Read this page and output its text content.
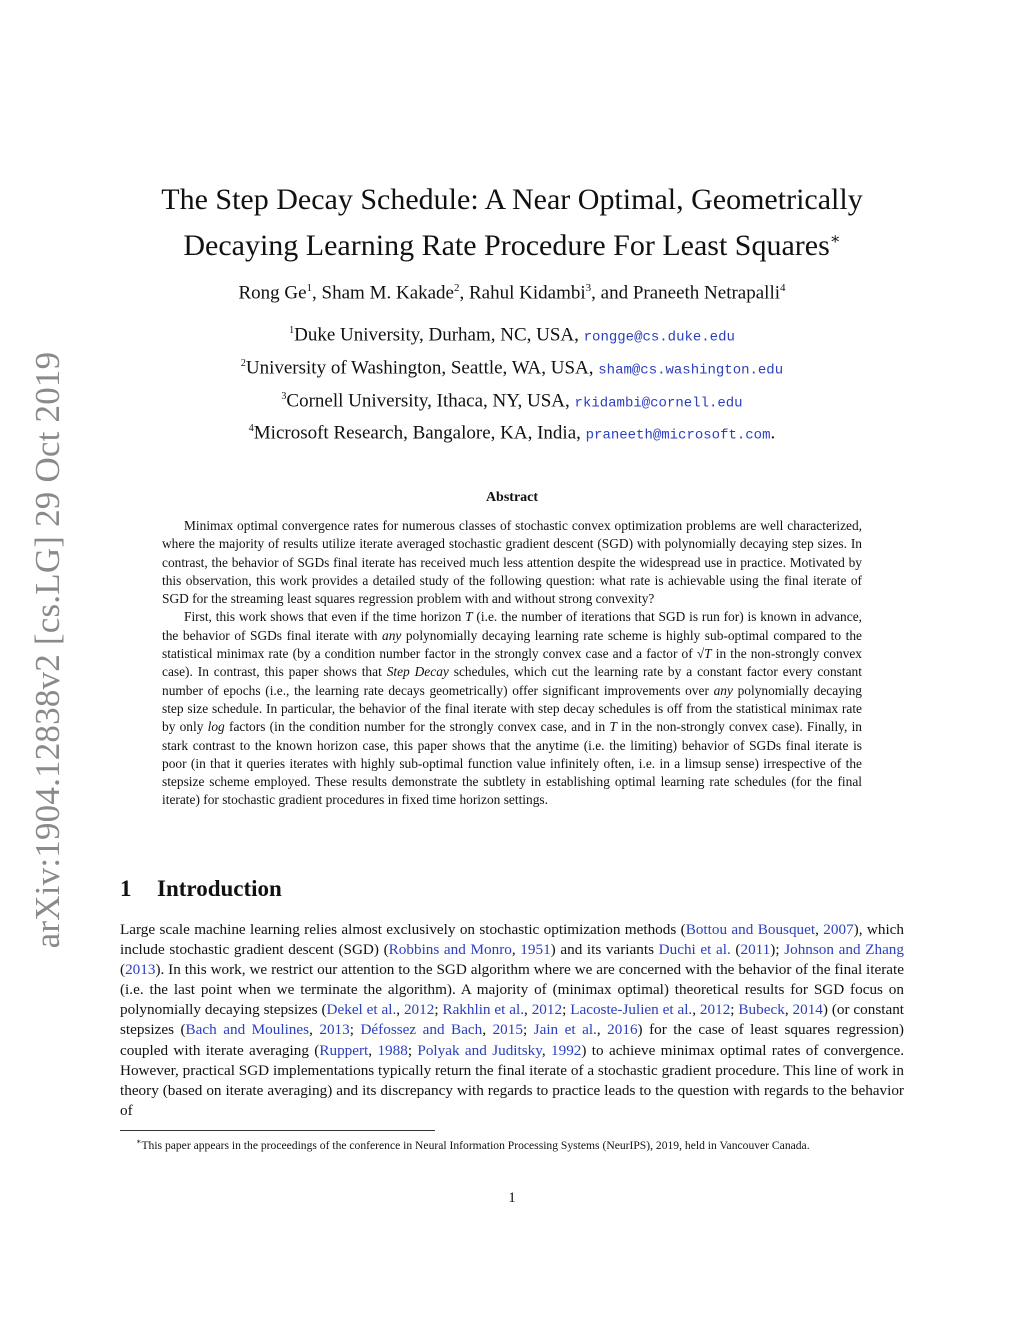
arXiv:1904.12838v2 [cs.LG] 29 Oct 2019
The Step Decay Schedule: A Near Optimal, Geometrically
Decaying Learning Rate Procedure For Least Squares∗
Rong Ge$^1$, Sham M. Kakade$^2$, Rahul Kidambi$^3$, and Praneeth Netrapalli$^4$
$^1$Duke University, Durham, NC, USA, rongge@cs.duke.edu
$^2$University of Washington, Seattle, WA, USA, sham@cs.washington.edu
$^3$Cornell University, Ithaca, NY, USA, rkidambi@cornell.edu
$^4$Microsoft Research, Bangalore, KA, India, praneeth@microsoft.com.
Abstract

Minimax optimal convergence rates for numerous classes of stochastic convex optimization problems are well characterized, where the majority of results utilize iterate averaged stochastic gradient descent (SGD) with polynomially decaying step sizes. In contrast, the behavior of SGDs final iterate has received much less attention despite the widespread use in practice. Motivated by this observation, this work provides a detailed study of the following question: what rate is achievable using the final iterate of SGD for the streaming least squares regression problem with and without strong convexity?

First, this work shows that even if the time horizon T (i.e. the number of iterations that SGD is run for) is known in advance, the behavior of SGDs final iterate with any polynomially decaying learning rate scheme is highly sub-optimal compared to the statistical minimax rate (by a condition number factor in the strongly convex case and a factor of √T in the non-strongly convex case). In contrast, this paper shows that Step Decay schedules, which cut the learning rate by a constant factor every constant number of epochs (i.e., the learning rate decays geometrically) offer significant improvements over any polynomially decaying step size schedule. In particular, the behavior of the final iterate with step decay schedules is off from the statistical minimax rate by only log factors (in the condition number for the strongly convex case, and in T in the non-strongly convex case). Finally, in stark contrast to the known horizon case, this paper shows that the anytime (i.e. the limiting) behavior of SGDs final iterate is poor (in that it queries iterates with highly sub-optimal function value infinitely often, i.e. in a limsup sense) irrespective of the stepsize scheme employed. These results demonstrate the subtlety in establishing optimal learning rate schedules (for the final iterate) for stochastic gradient procedures in fixed time horizon settings.

1 Introduction

Large scale machine learning relies almost exclusively on stochastic optimization methods (Bottou and Bousquet, 2007), which include stochastic gradient descent (SGD) (Robbins and Monro, 1951) and its variants Duchi et al. (2011); Johnson and Zhang (2013). In this work, we restrict our attention to the SGD algorithm where we are concerned with the behavior of the final iterate (i.e. the last point when we terminate the algorithm). A majority of (minimax optimal) theoretical results for SGD focus on polynomially decaying stepsizes (Dekel et al., 2012; Rakhlin et al., 2012; Lacoste-Julien et al., 2012; Bubeck, 2014) (or constant stepsizes (Bach and Moulines, 2013; Défossez and Bach, 2015; Jain et al., 2016) for the case of least squares regression) coupled with iterate averaging (Ruppert, 1988; Polyak and Juditsky, 1992) to achieve minimax optimal rates of convergence. However, practical SGD implementations typically return the final iterate of a stochastic gradient procedure. This line of work in theory (based on iterate averaging) and its discrepancy with regards to practice leads to the question with regards to the behavior of

∗This paper appears in the proceedings of the conference in Neural Information Processing Systems (NeurIPS), 2019, held in Vancouver Canada.
1
